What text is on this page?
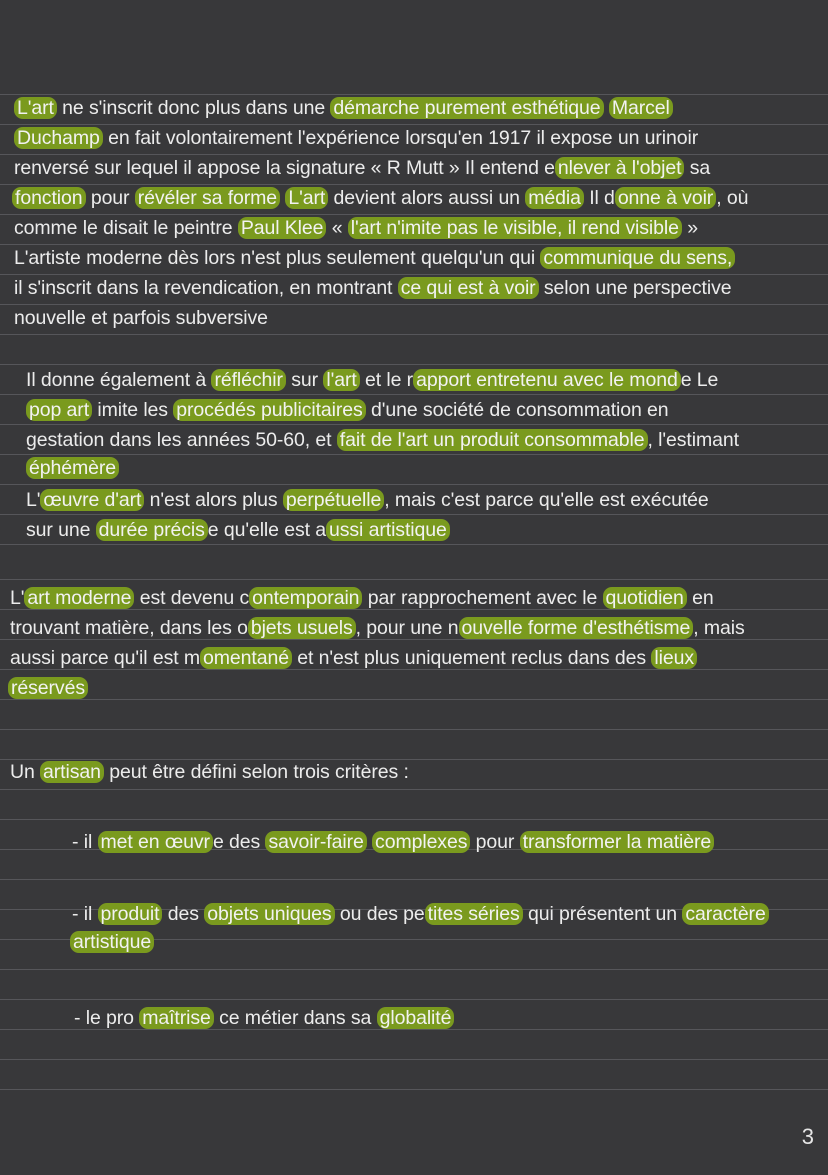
L'art ne s'inscrit donc plus dans une démarche purement esthétique Marcel
Duchamp en fait volontairement l'expérience lorsqu'en 1917 il expose un urinoir
renversé sur lequel il appose la signature « R Mutt » Il entend e nlever à l'objet sa
fonction pour révéler sa forme L'art devient alors aussi un média Il d onne à voir , où
comme le disait le peintre Paul Klee « l'art n'imite pas le visible, il rend visible »
L'artiste moderne dès lors n'est plus seulement quelqu'un qui communique du sens,
il s'inscrit dans la revendication, en montrant ce qui est à voir selon une perspective
nouvelle et parfois subversive
Il donne également à réfléchir sur l'art et le r apport entretenu avec le mond e Le
pop art imite les procédés publicitaires d'une société de consommation en
gestation dans les années 50-60, et fait de l'art un produit consommable , l'estimant
éphémère
L' œuvre d'art n'est alors plus perpétuelle , mais c'est parce qu'elle est exécutée
sur une durée précis e qu'elle est a ussi artistique
L' art moderne est devenu c ontemporain par rapprochement avec le quotidien en
trouvant matière, dans les o bjets usuels , pour une n ouvelle forme d'esthétisme , mais
aussi parce qu'il est m omentané et n'est plus uniquement reclus dans des lieux
réservés
Un artisan peut être défini selon trois critères :
- il met en œuvr e des savoir-faire complexes pour transformer la matière
- il produit des objets uniques ou des pe tites séries qui présentent un caractère
artistique
- le pro maîtrise ce métier dans sa globalité
3
